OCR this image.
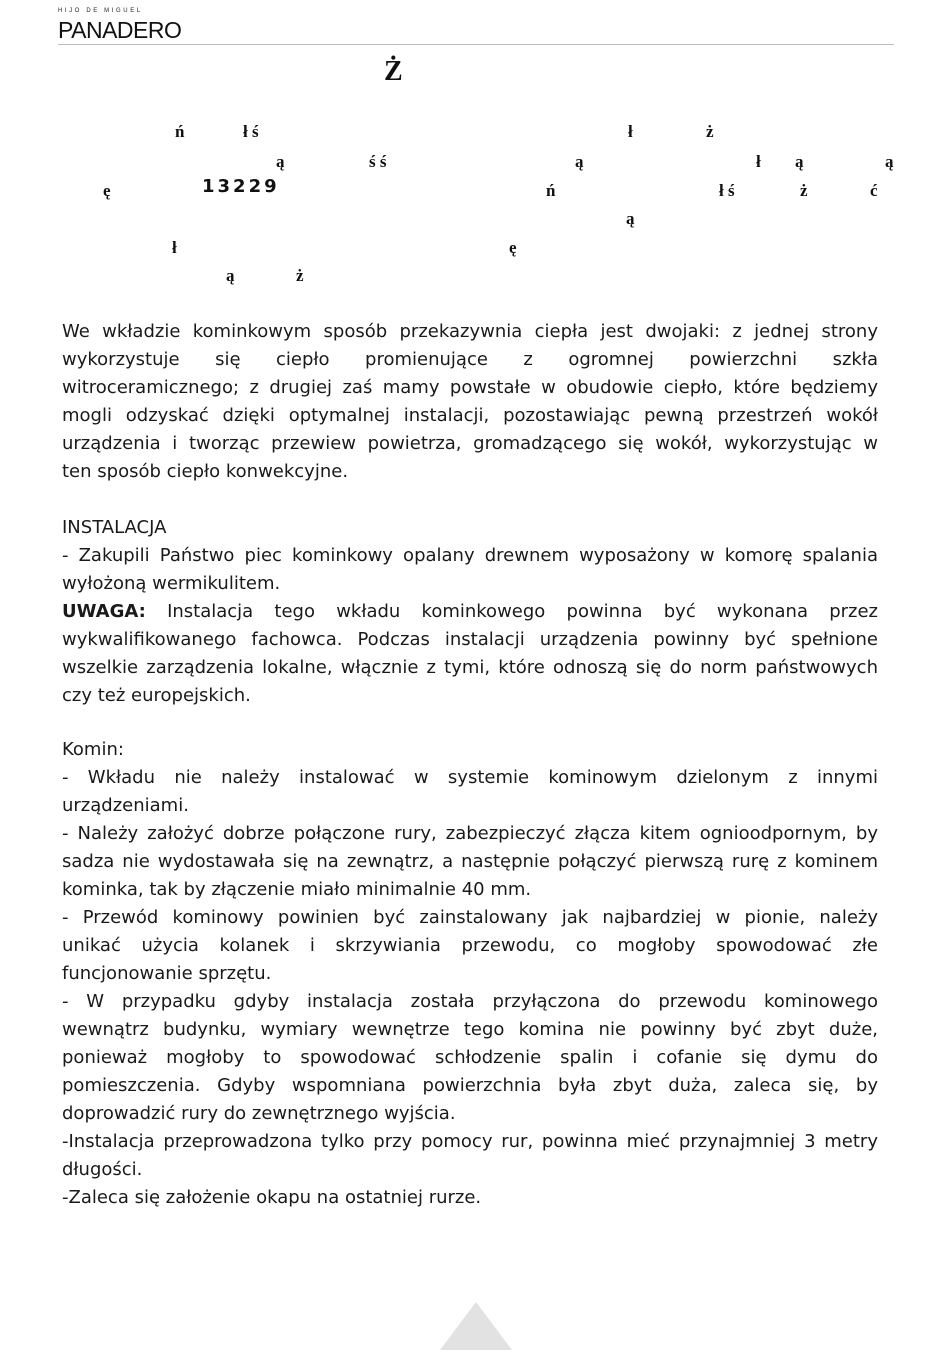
HIJO DE MIGUEL
PANADERO
Ż
ń	ł ś	ł	ż
ą	ś ś	ą	ł ą	ą
ę	13229	ń	ł ś	ż	ć
ą
ł	ę
ą	ż
We wkładzie kominkowym sposób przekazywnia ciepła jest dwojaki: z jednej strony
wykorzystuje się ciepło promienujące z ogromnej powierzchni szkła
witroceramicznego; z drugiej zaś mamy powstałe w obudowie ciepło, które będziemy
mogli odzyskać dzięki optymalnej instalacji, pozostawiając pewną przestrzeń wokół
urządzenia i tworząc przewiew powietrza, gromadzącego się wokół, wykorzystując w
ten sposób ciepło konwekcyjne.
INSTALACJA
- Zakupili Państwo piec kominkowy opalany drewnem wyposażony w komorę spalania
wyłożoną wermikulitem.
UWAGA: Instalacja tego wkładu kominkowego powinna być wykonana przez
wykwalifikowanego fachowca. Podczas instalacji urządzenia powinny być spełnione
wszelkie zarządzenia lokalne, włącznie z tymi, które odnoszą się do norm państwowych
czy też europejskich.
Komin:
- Wkładu nie należy instalować w systemie kominowym dzielonym z innymi
urządzeniami.
- Należy założyć dobrze połączone rury, zabezpieczyć złącza kitem ognioodpornym, by
sadza nie wydostawała się na zewnątrz, a następnie połączyć pierwszą rurę z kominem
kominka, tak by złączenie miało minimalnie 40 mm.
- Przewód kominowy powinien być zainstalowany jak najbardziej w pionie, należy
unikać użycia kolanek i skrzywiania przewodu, co mogłoby spowodować złe
funcjonowanie sprzętu.
- W przypadku gdyby instalacja została przyłączona do przewodu kominowego
wewnątrz budynku, wymiary wewnętrze tego komina nie powinny być zbyt duże,
ponieważ mogłoby to spowodować schłodzenie spalin i cofanie się dymu do
pomieszczenia. Gdyby wspomniana powierzchnia była zbyt duża, zaleca się, by
doprowadzić rury do zewnętrznego wyjścia.
-Instalacja przeprowadzona tylko przy pomocy rur, powinna mieć przynajmniej 3 metry
długości.
-Zaleca się założenie okapu na ostatniej rurze.
